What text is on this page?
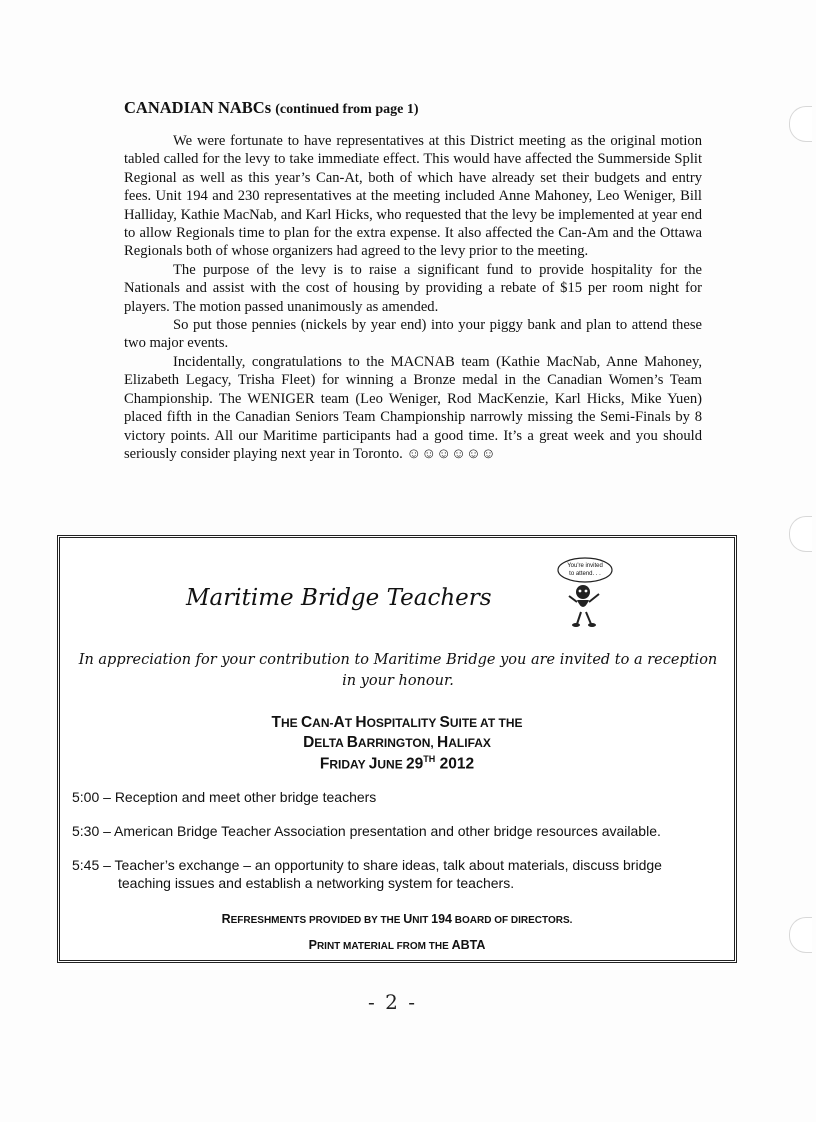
CANADIAN NABCs (continued from page 1)

We were fortunate to have representatives at this District meeting as the original motion tabled called for the levy to take immediate effect. This would have affected the Summerside Split Regional as well as this year’s Can-At, both of which have already set their budgets and entry fees. Unit 194 and 230 representatives at the meeting included Anne Mahoney, Leo Weniger, Bill Halliday, Kathie MacNab, and Karl Hicks, who requested that the levy be implemented at year end to allow Regionals time to plan for the extra expense. It also affected the Can-Am and the Ottawa Regionals both of whose organizers had agreed to the levy prior to the meeting.

The purpose of the levy is to raise a significant fund to provide hospitality for the Nationals and assist with the cost of housing by providing a rebate of $15 per room night for players. The motion passed unanimously as amended.

So put those pennies (nickels by year end) into your piggy bank and plan to attend these two major events.

Incidentally, congratulations to the MACNAB team (Kathie MacNab, Anne Mahoney, Elizabeth Legacy, Trisha Fleet) for winning a Bronze medal in the Canadian Women’s Team Championship. The WENIGER team (Leo Weniger, Rod MacKenzie, Karl Hicks, Mike Yuen) placed fifth in the Canadian Seniors Team Championship narrowly missing the Semi-Finals by 8 victory points. All our Maritime participants had a good time. It’s a great week and you should seriously consider playing next year in Toronto. ☺☺☺☺☺☺

Maritime Bridge Teachers
You're invited
to attend. . .
In appreciation for your contribution to Maritime Bridge you are invited to a reception in your honour.
THE CAN-AT HOSPITALITY SUITE AT THE
DELTA BARRINGTON, HALIFAX
FRIDAY JUNE 29TH 2012
5:00 – Reception and meet other bridge teachers
5:30 – American Bridge Teacher Association presentation and other bridge resources available.
5:45 – Teacher’s exchange – an opportunity to share ideas, talk about materials, discuss bridge
teaching issues and establish a networking system for teachers.
REFRESHMENTS PROVIDED BY THE UNIT 194 BOARD OF DIRECTORS.
PRINT MATERIAL FROM THE ABTA
- 2 -
